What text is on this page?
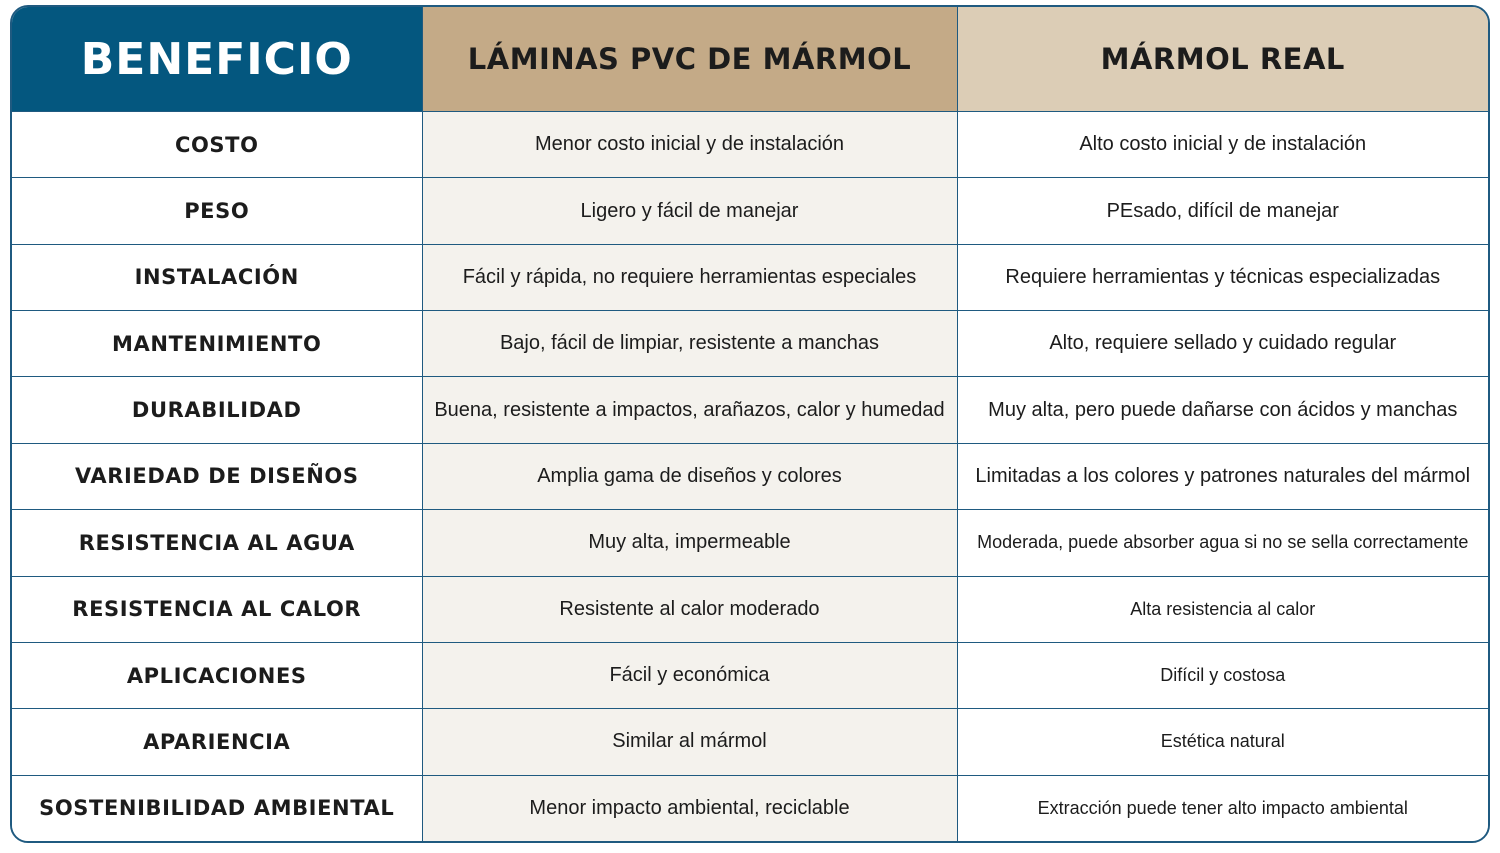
BENEFICIO	LÁMINAS PVC DE MÁRMOL	MÁRMOL REAL
COSTO	Menor costo inicial y de instalación	Alto costo inicial y de instalación
PESO	Ligero y fácil de manejar	PEsado, difícil de manejar
INSTALACIÓN	Fácil y rápida, no requiere herramientas especiales	Requiere herramientas y técnicas especializadas
MANTENIMIENTO	Bajo, fácil de limpiar, resistente a manchas	Alto, requiere sellado y cuidado regular
DURABILIDAD	Buena, resistente a impactos, arañazos, calor y humedad	Muy alta, pero puede dañarse con ácidos y manchas
VARIEDAD DE DISEÑOS	Amplia gama de diseños y colores	Limitadas a los colores y patrones naturales del mármol
RESISTENCIA AL AGUA	Muy alta, impermeable	Moderada, puede absorber agua si no se sella correctamente
RESISTENCIA AL CALOR	Resistente al calor moderado	Alta resistencia al calor
APLICACIONES	Fácil y económica	Difícil y costosa
APARIENCIA	Similar al mármol	Estética natural
SOSTENIBILIDAD AMBIENTAL	Menor impacto ambiental, reciclable	Extracción puede tener alto impacto ambiental
